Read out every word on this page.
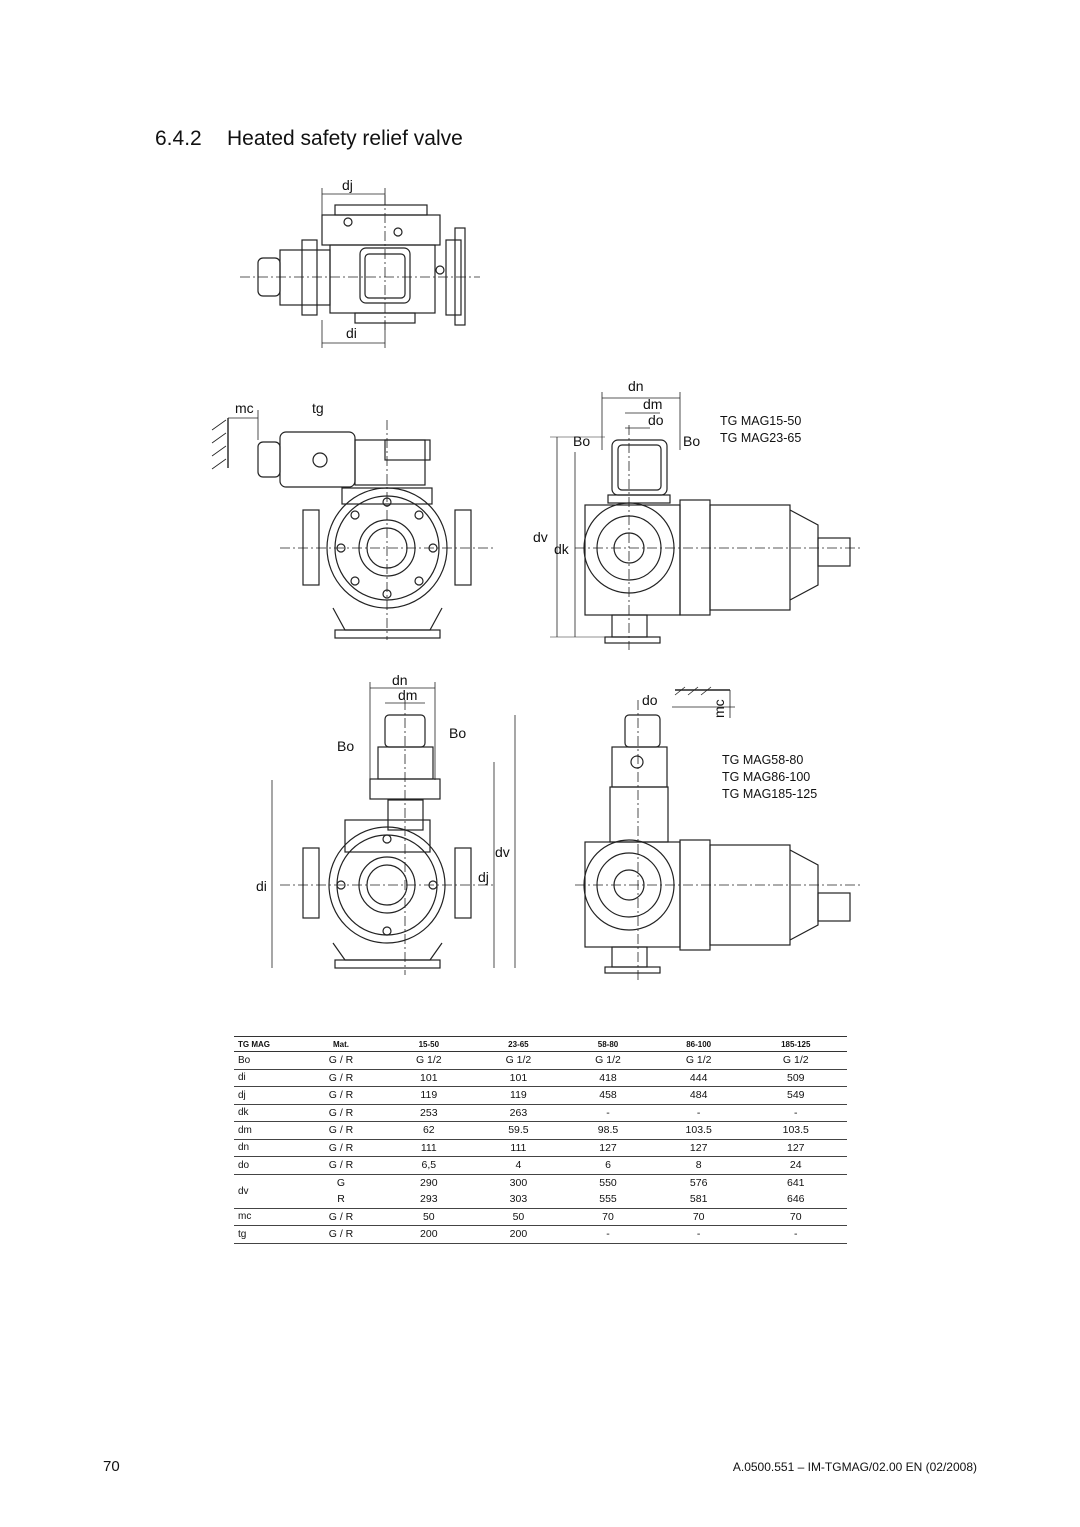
6.4.2 Heated safety relief valve
dj
di
mc	tg
dn
dm
do
Bo	Bo
dv
dk
TG MAG15-50
TG MAG23-65
dn
dm
Bo
Bo
dv
dj
di
do	mc
TG MAG58-80
TG MAG86-100
TG MAG185-125
TG MAG	Mat.	15-50	23-65	58-80	86-100	185-125
Bo	G / R	G 1/2	G 1/2	G 1/2	G 1/2	G 1/2
di	G / R	101	101	418	444	509
dj	G / R	119	119	458	484	549
dk	G / R	253	263	-	-	-
dm	G / R	62	59.5	98.5	103.5	103.5
dn	G / R	111	111	127	127	127
do	G / R	6,5	4	6	8	24
dv	G	290	300	550	576	641
	R	293	303	555	581	646
mc	G / R	50	50	70	70	70
tg	G / R	200	200	-	-	-
70	A.0500.551 – IM-TGMAG/02.00 EN (02/2008)
